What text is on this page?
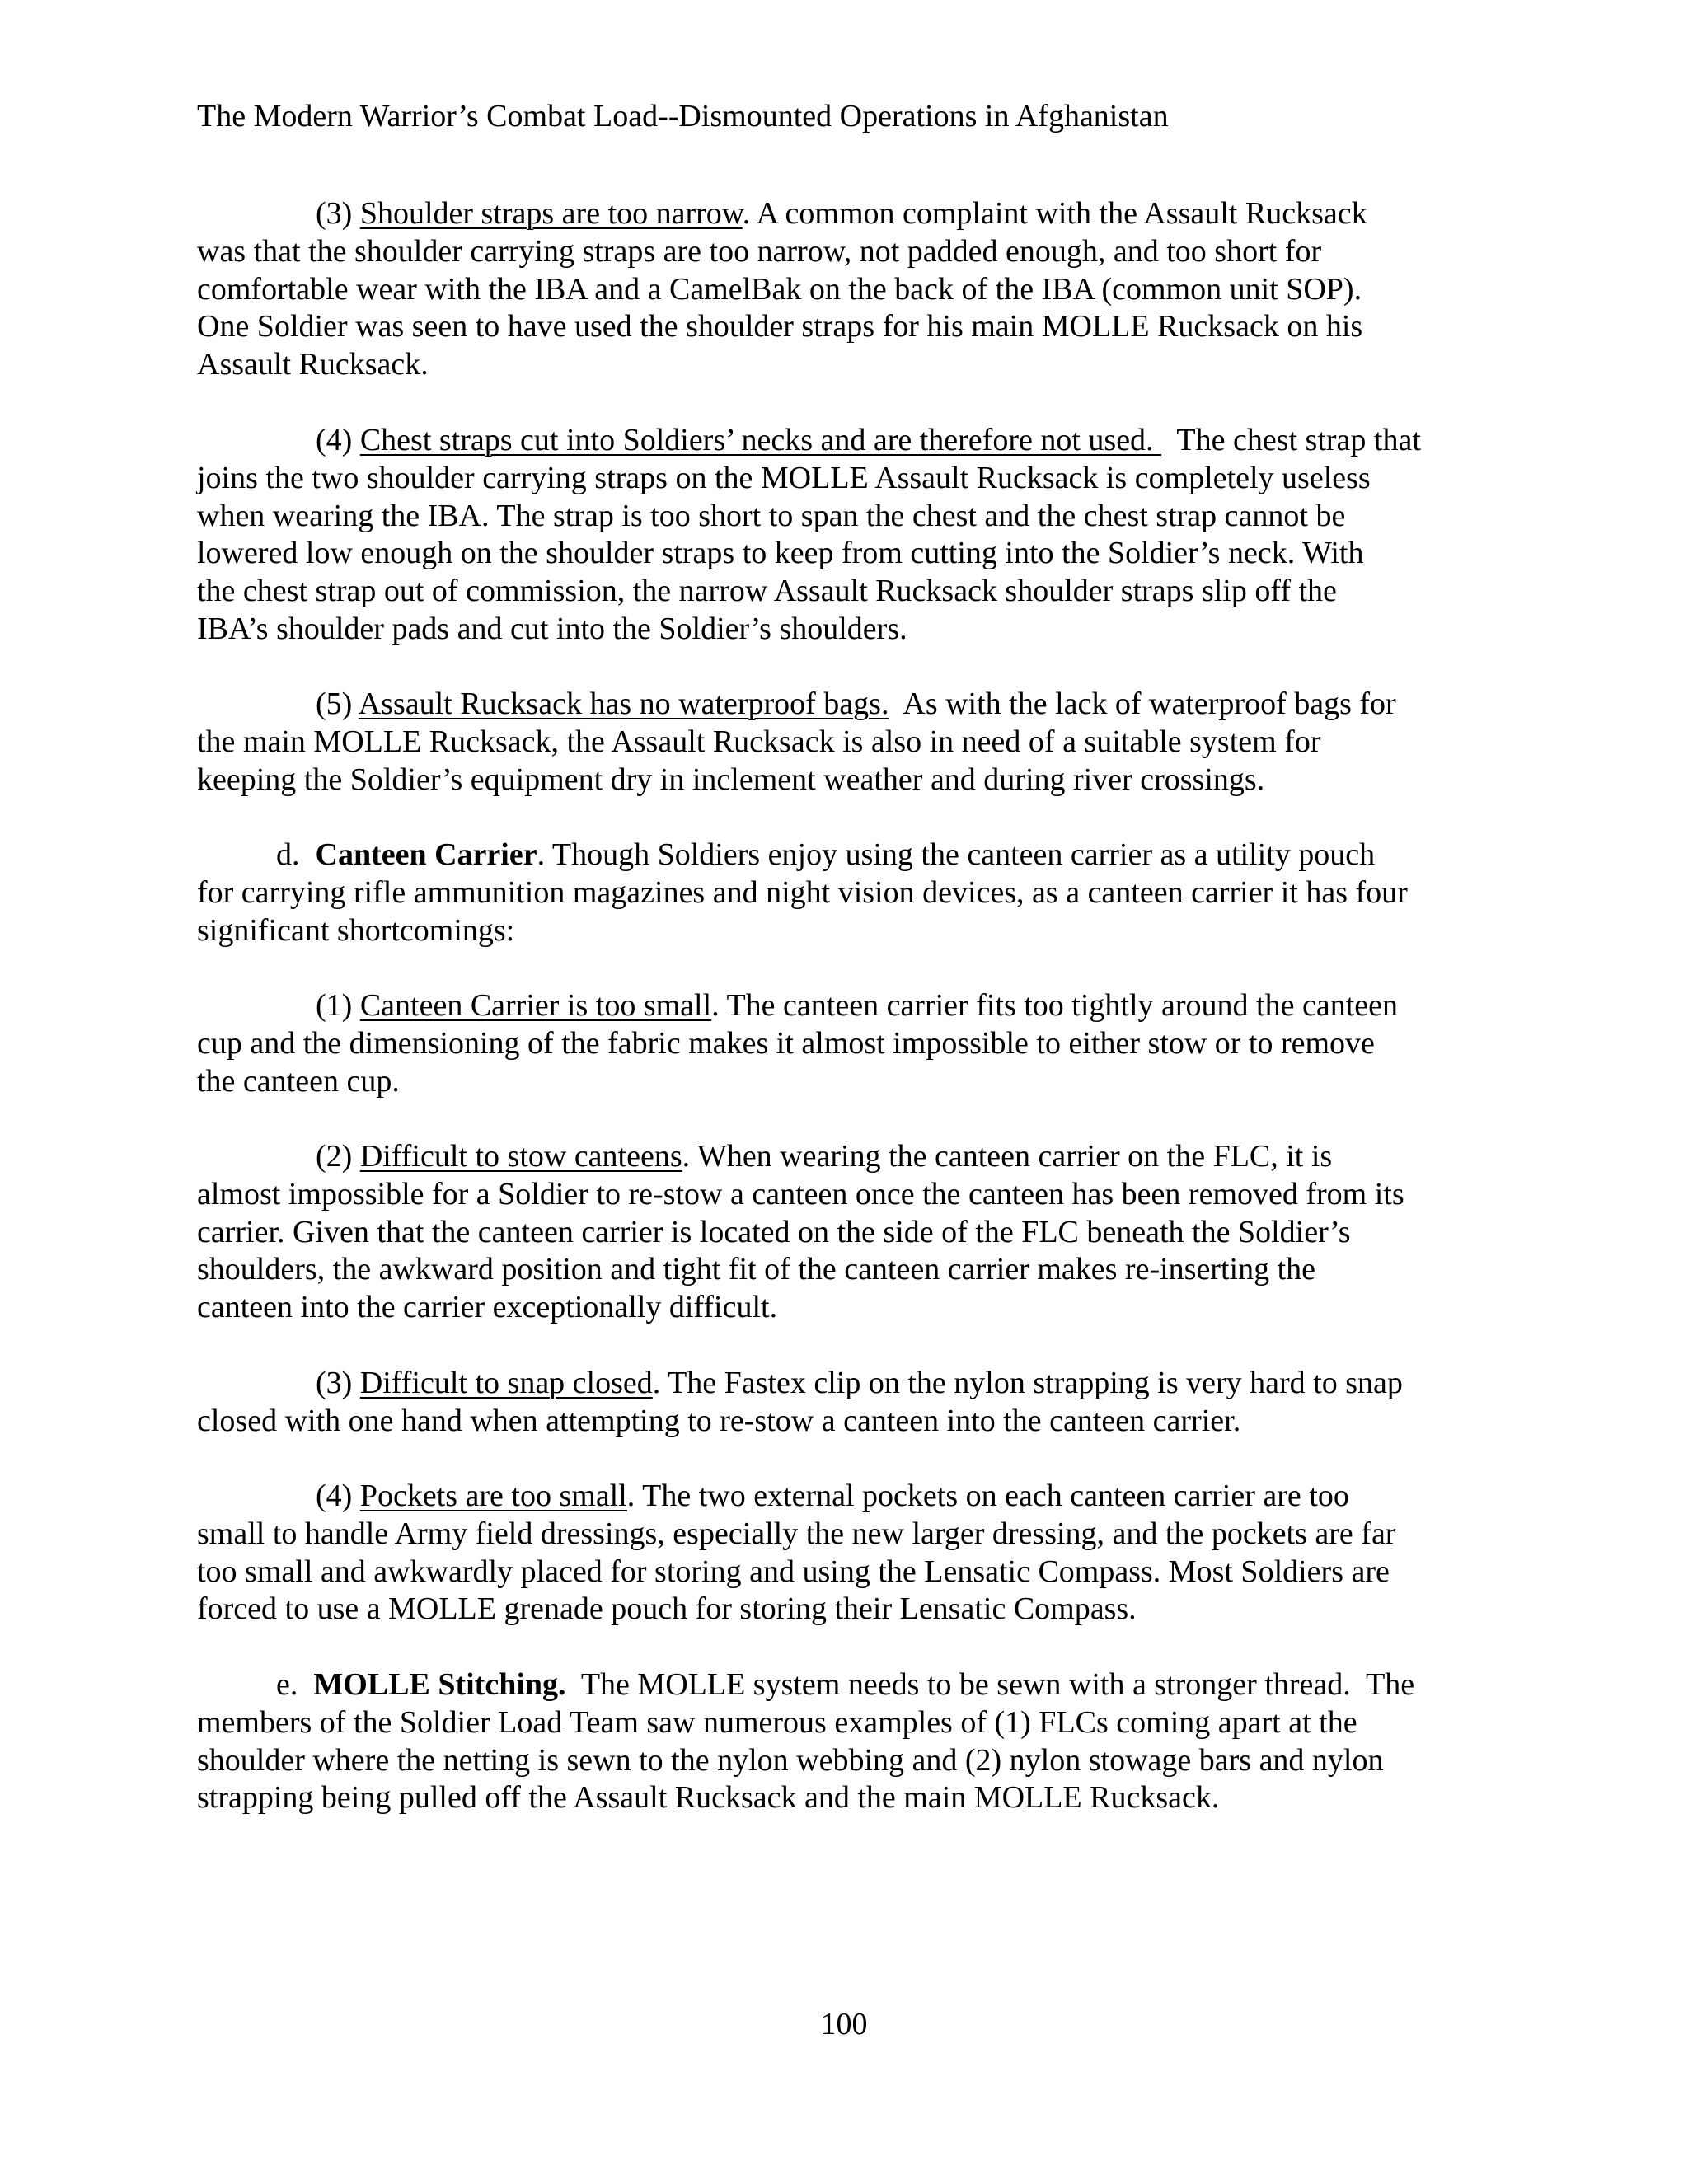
The Modern Warrior’s Combat Load--Dismounted Operations in Afghanistan
(3) Shoulder straps are too narrow. A common complaint with the Assault Rucksack
was that the shoulder carrying straps are too narrow, not padded enough, and too short for
comfortable wear with the IBA and a CamelBak on the back of the IBA (common unit SOP).
One Soldier was seen to have used the shoulder straps for his main MOLLE Rucksack on his
Assault Rucksack.
(4) Chest straps cut into Soldiers’ necks and are therefore not used.   The chest strap that
joins the two shoulder carrying straps on the MOLLE Assault Rucksack is completely useless
when wearing the IBA. The strap is too short to span the chest and the chest strap cannot be
lowered low enough on the shoulder straps to keep from cutting into the Soldier’s neck. With
the chest strap out of commission, the narrow Assault Rucksack shoulder straps slip off the
IBA’s shoulder pads and cut into the Soldier’s shoulders.
(5) Assault Rucksack has no waterproof bags.  As with the lack of waterproof bags for
the main MOLLE Rucksack, the Assault Rucksack is also in need of a suitable system for
keeping the Soldier’s equipment dry in inclement weather and during river crossings.
d.  Canteen Carrier. Though Soldiers enjoy using the canteen carrier as a utility pouch
for carrying rifle ammunition magazines and night vision devices, as a canteen carrier it has four
significant shortcomings:
(1) Canteen Carrier is too small. The canteen carrier fits too tightly around the canteen
cup and the dimensioning of the fabric makes it almost impossible to either stow or to remove
the canteen cup.
(2) Difficult to stow canteens. When wearing the canteen carrier on the FLC, it is
almost impossible for a Soldier to re-stow a canteen once the canteen has been removed from its
carrier. Given that the canteen carrier is located on the side of the FLC beneath the Soldier’s
shoulders, the awkward position and tight fit of the canteen carrier makes re-inserting the
canteen into the carrier exceptionally difficult.
(3) Difficult to snap closed. The Fastex clip on the nylon strapping is very hard to snap
closed with one hand when attempting to re-stow a canteen into the canteen carrier.
(4) Pockets are too small. The two external pockets on each canteen carrier are too
small to handle Army field dressings, especially the new larger dressing, and the pockets are far
too small and awkwardly placed for storing and using the Lensatic Compass. Most Soldiers are
forced to use a MOLLE grenade pouch for storing their Lensatic Compass.
e.  MOLLE Stitching.  The MOLLE system needs to be sewn with a stronger thread.  The
members of the Soldier Load Team saw numerous examples of (1) FLCs coming apart at the
shoulder where the netting is sewn to the nylon webbing and (2) nylon stowage bars and nylon
strapping being pulled off the Assault Rucksack and the main MOLLE Rucksack.
100
